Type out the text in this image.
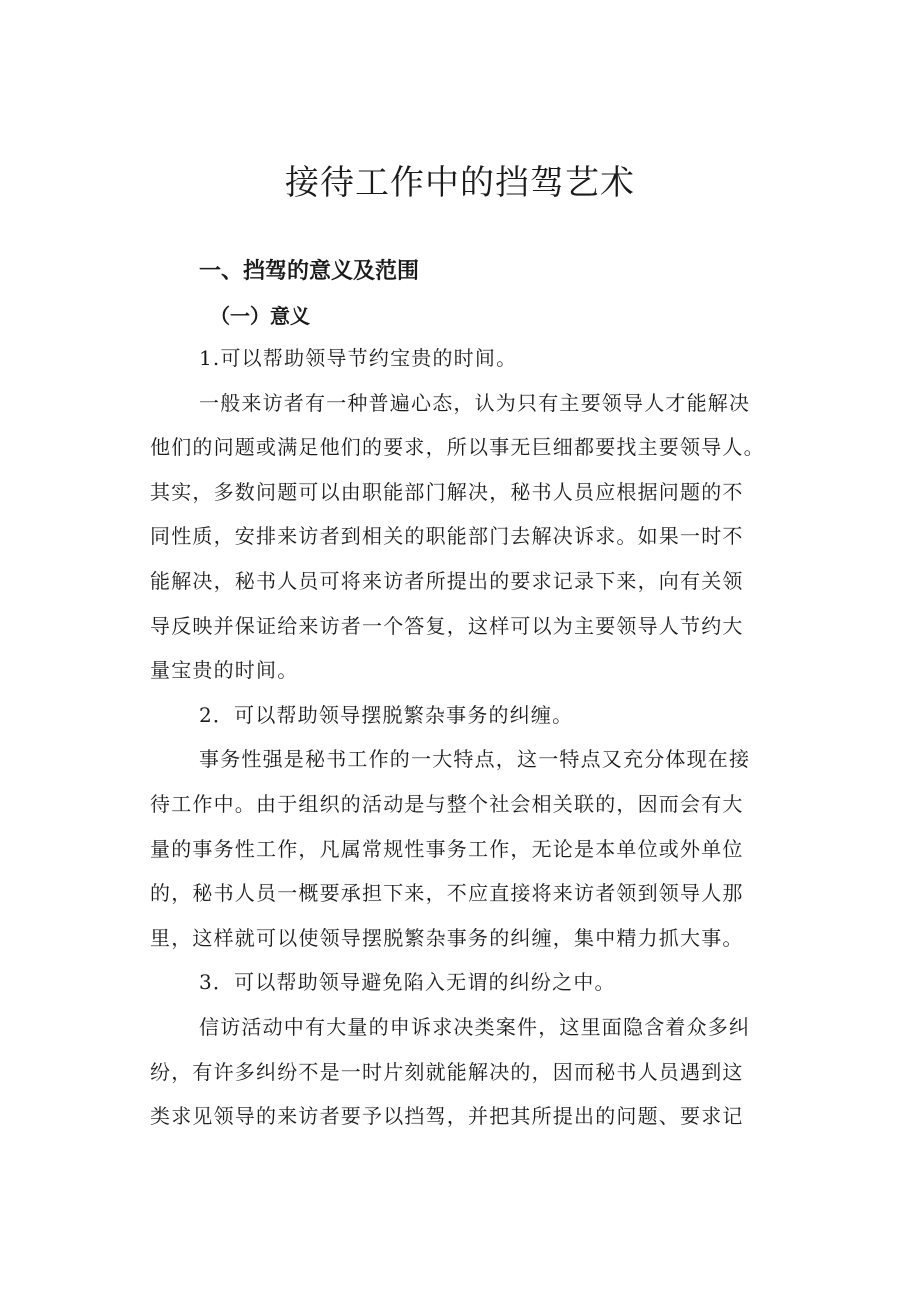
接待工作中的挡驾艺术
一、挡驾的意义及范围
（一）意义
1.可以帮助领导节约宝贵的时间。
一般来访者有一种普遍心态，认为只有主要领导人才能解决
他们的问题或满足他们的要求，所以事无巨细都要找主要领导人。
其实，多数问题可以由职能部门解决，秘书人员应根据问题的不
同性质，安排来访者到相关的职能部门去解决诉求。如果一时不
能解决，秘书人员可将来访者所提出的要求记录下来，向有关领
导反映并保证给来访者一个答复，这样可以为主要领导人节约大
量宝贵的时间。
2．可以帮助领导摆脱繁杂事务的纠缠。
事务性强是秘书工作的一大特点，这一特点又充分体现在接
待工作中。由于组织的活动是与整个社会相关联的，因而会有大
量的事务性工作，凡属常规性事务工作，无论是本单位或外单位
的，秘书人员一概要承担下来，不应直接将来访者领到领导人那
里，这样就可以使领导摆脱繁杂事务的纠缠，集中精力抓大事。
3．可以帮助领导避免陷入无谓的纠纷之中。
信访活动中有大量的申诉求决类案件，这里面隐含着众多纠
纷，有许多纠纷不是一时片刻就能解决的，因而秘书人员遇到这
类求见领导的来访者要予以挡驾，并把其所提出的问题、要求记
